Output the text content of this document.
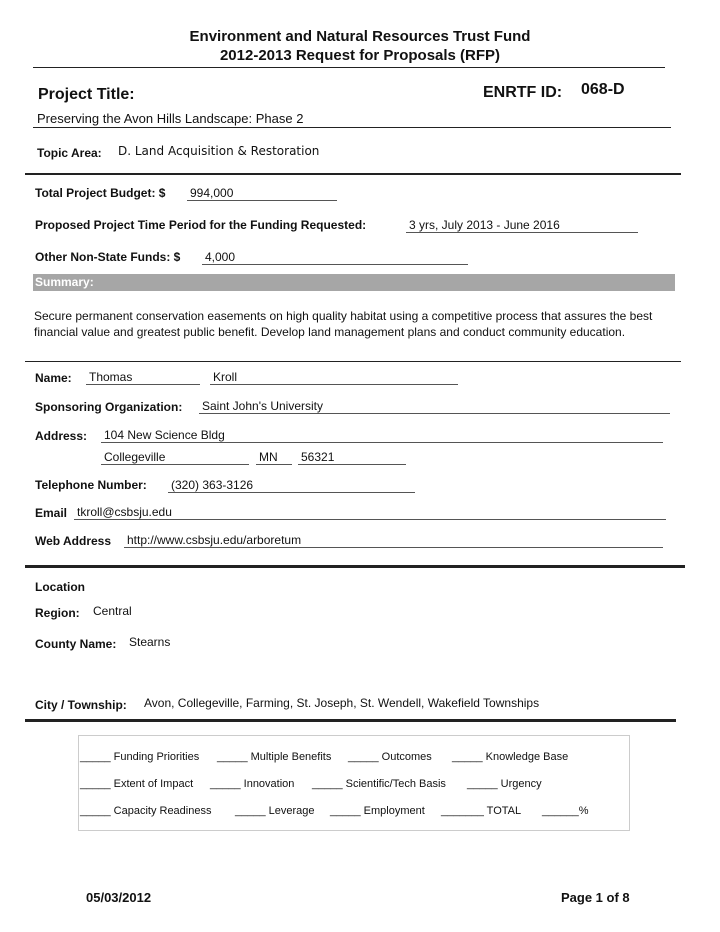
Environment and Natural Resources Trust Fund
2012-2013 Request for Proposals (RFP)
Project Title:	ENRTF ID: 068-D
Preserving the Avon Hills Landscape: Phase 2
Topic Area: D. Land Acquisition & Restoration
Total Project Budget: $ 994,000
Proposed Project Time Period for the Funding Requested:	3 yrs, July 2013 - June 2016
Other Non-State Funds: $ 4,000
Summary:
Secure permanent conservation easements on high quality habitat using a competitive process that assures the best financial value and greatest public benefit. Develop land management plans and conduct community education.
Name: Thomas	Kroll
Sponsoring Organization: Saint John's University
Address: 104 New Science Bldg
Collegeville	MN	56321
Telephone Number: (320) 363-3126
Email tkroll@csbsju.edu
Web Address http://www.csbsju.edu/arboretum
Location
Region: Central
County Name: Stearns
City / Township: Avon, Collegeville, Farming, St. Joseph, St. Wendell, Wakefield Townships
_____ Funding Priorities _____ Multiple Benefits _____ Outcomes _____ Knowledge Base
_____ Extent of Impact _____ Innovation _____ Scientific/Tech Basis _____ Urgency
_____ Capacity Readiness _____ Leverage _____ Employment _______ TOTAL ______%
05/03/2012	Page 1 of 8
